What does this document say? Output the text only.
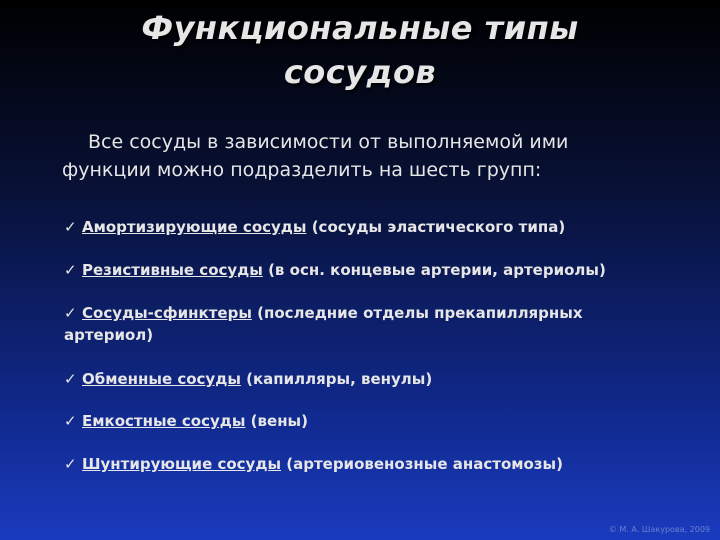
Функциональные типы
сосудов
Все сосуды в зависимости от выполняемой ими
функции можно подразделить на шесть групп:
✓ Амортизирующие сосуды (сосуды эластического типа)
✓ Резистивные сосуды (в осн. концевые артерии, артериолы)
✓ Сосуды-сфинктеры (последние отделы прекапиллярных
артериол)
✓ Обменные сосуды (капилляры, венулы)
✓ Емкостные сосуды (вены)
✓ Шунтирующие сосуды (артериовенозные анастомозы)
© М. А. Шакурова, 2009
